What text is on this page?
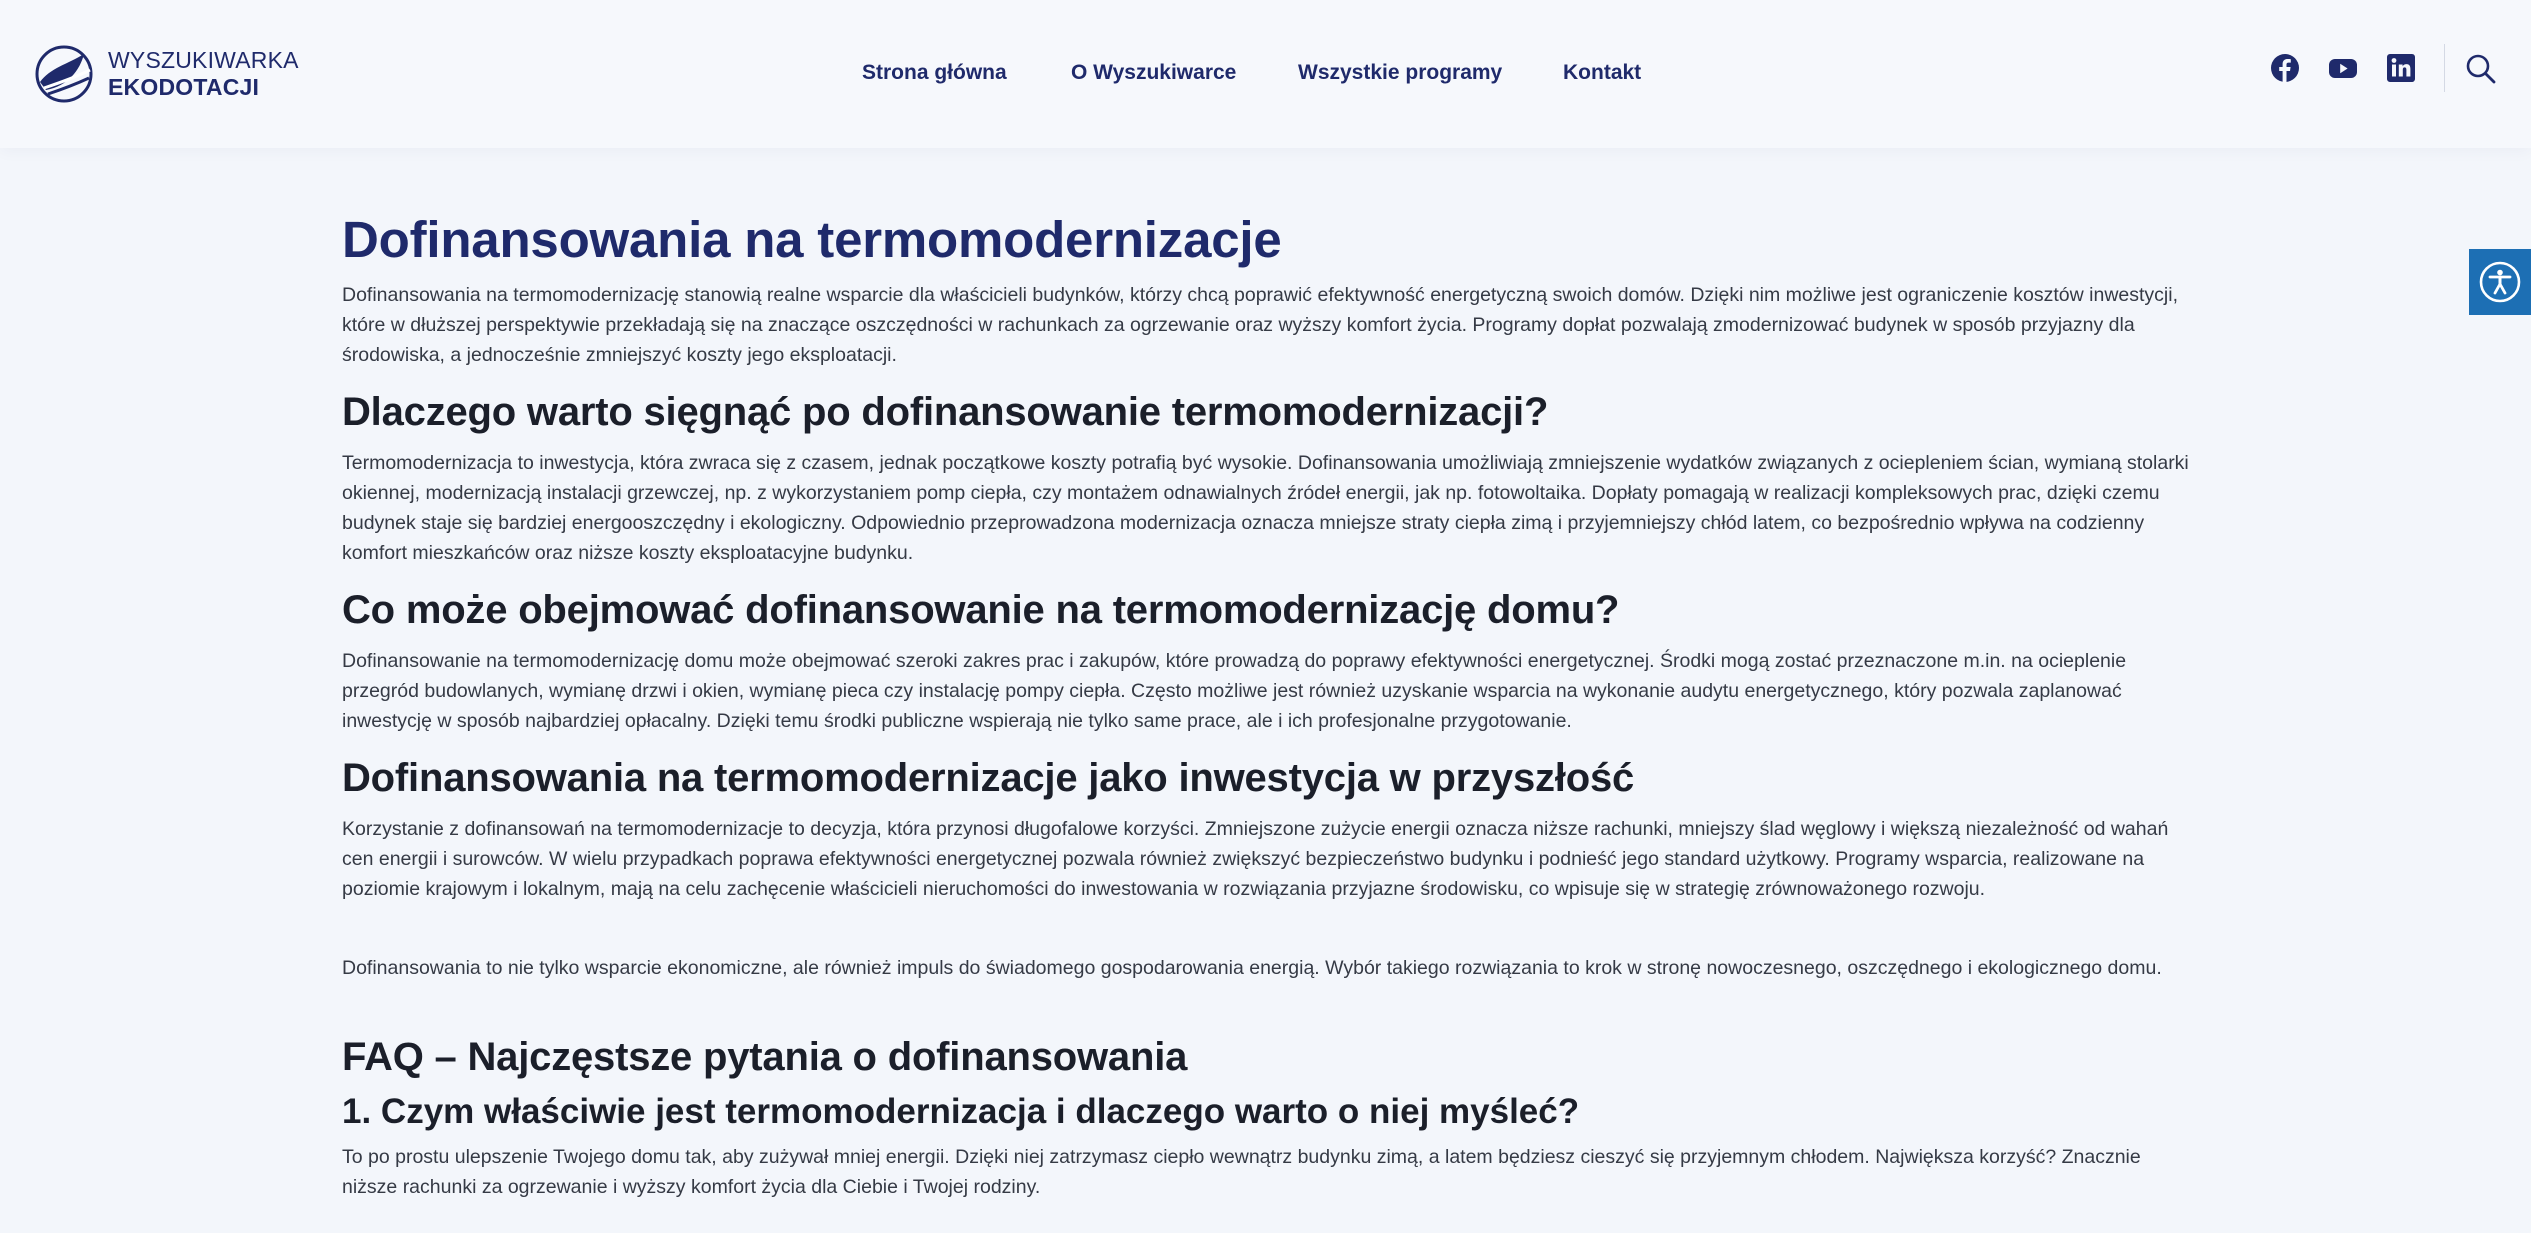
WYSZUKIWARKA
EKODOTACJI
Strona główna	O Wyszukiwarce	Wszystkie programy	Kontakt
Dofinansowania na termomodernizacje

Dofinansowania na termomodernizację stanowią realne wsparcie dla właścicieli budynków, którzy chcą poprawić efektywność energetyczną swoich domów. Dzięki nim możliwe jest ograniczenie kosztów inwestycji, które w dłuższej perspektywie przekładają się na znaczące oszczędności w rachunkach za ogrzewanie oraz wyższy komfort życia. Programy dopłat pozwalają zmodernizować budynek w sposób przyjazny dla środowiska, a jednocześnie zmniejszyć koszty jego eksploatacji.

Dlaczego warto sięgnąć po dofinansowanie termomodernizacji?

Termomodernizacja to inwestycja, która zwraca się z czasem, jednak początkowe koszty potrafią być wysokie. Dofinansowania umożliwiają zmniejszenie wydatków związanych z ociepleniem ścian, wymianą stolarki okiennej, modernizacją instalacji grzewczej, np. z wykorzystaniem pomp ciepła, czy montażem odnawialnych źródeł energii, jak np. fotowoltaika. Dopłaty pomagają w realizacji kompleksowych prac, dzięki czemu budynek staje się bardziej energooszczędny i ekologiczny. Odpowiednio przeprowadzona modernizacja oznacza mniejsze straty ciepła zimą i przyjemniejszy chłód latem, co bezpośrednio wpływa na codzienny komfort mieszkańców oraz niższe koszty eksploatacyjne budynku.

Co może obejmować dofinansowanie na termomodernizację domu?

Dofinansowanie na termomodernizację domu może obejmować szeroki zakres prac i zakupów, które prowadzą do poprawy efektywności energetycznej. Środki mogą zostać przeznaczone m.in. na ocieplenie przegród budowlanych, wymianę drzwi i okien, wymianę pieca czy instalację pompy ciepła. Często możliwe jest również uzyskanie wsparcia na wykonanie audytu energetycznego, który pozwala zaplanować inwestycję w sposób najbardziej opłacalny. Dzięki temu środki publiczne wspierają nie tylko same prace, ale i ich profesjonalne przygotowanie.

Dofinansowania na termomodernizacje jako inwestycja w przyszłość

Korzystanie z dofinansowań na termomodernizacje to decyzja, która przynosi długofalowe korzyści. Zmniejszone zużycie energii oznacza niższe rachunki, mniejszy ślad węglowy i większą niezależność od wahań cen energii i surowców. W wielu przypadkach poprawa efektywności energetycznej pozwala również zwiększyć bezpieczeństwo budynku i podnieść jego standard użytkowy. Programy wsparcia, realizowane na poziomie krajowym i lokalnym, mają na celu zachęcenie właścicieli nieruchomości do inwestowania w rozwiązania przyjazne środowisku, co wpisuje się w strategię zrównoważonego rozwoju.

Dofinansowania to nie tylko wsparcie ekonomiczne, ale również impuls do świadomego gospodarowania energią. Wybór takiego rozwiązania to krok w stronę nowoczesnego, oszczędnego i ekologicznego domu.

FAQ – Najczęstsze pytania o dofinansowania
1. Czym właściwie jest termomodernizacja i dlaczego warto o niej myśleć?

To po prostu ulepszenie Twojego domu tak, aby zużywał mniej energii. Dzięki niej zatrzymasz ciepło wewnątrz budynku zimą, a latem będziesz cieszyć się przyjemnym chłodem. Największa korzyść? Znacznie niższe rachunki za ogrzewanie i wyższy komfort życia dla Ciebie i Twojej rodziny.
